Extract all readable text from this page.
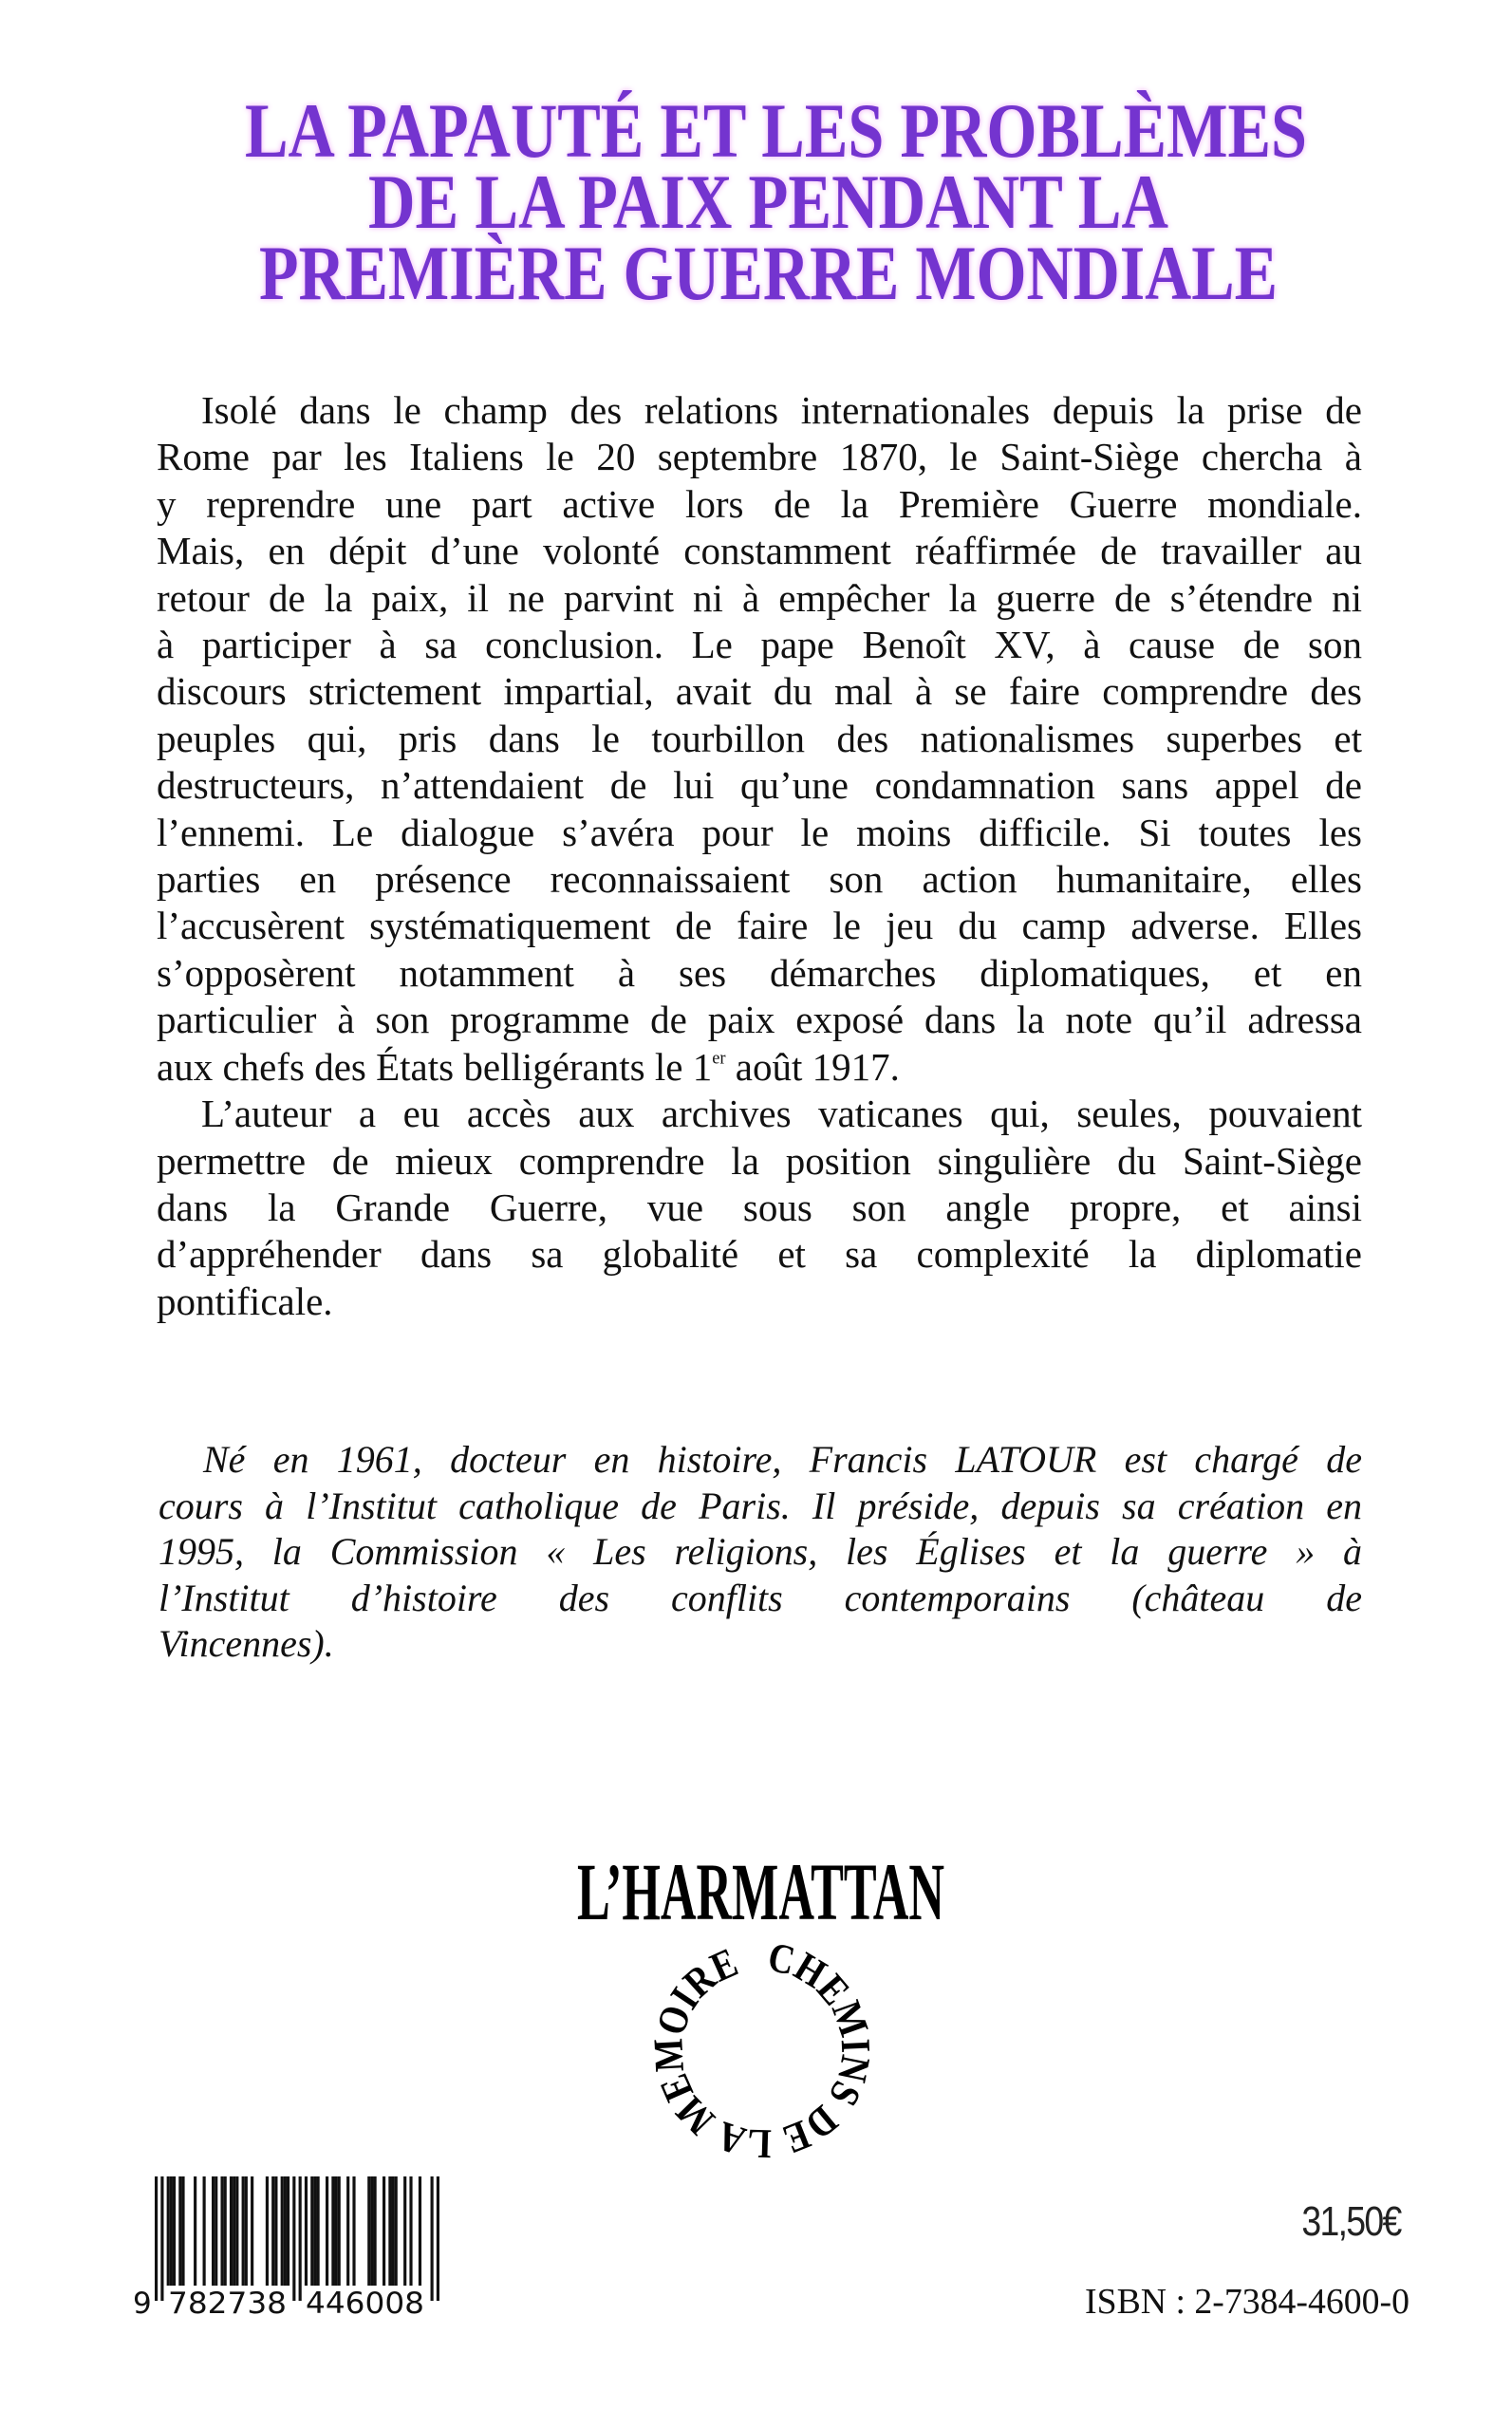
LA PAPAUTÉ ET LES PROBLÈMES
DE LA PAIX PENDANT LA
PREMIÈRE GUERRE MONDIALE
Isolé dans le champ des relations internationales depuis la prise de
Rome par les Italiens le 20 septembre 1870, le Saint-Siège chercha à
y reprendre une part active lors de la Première Guerre mondiale.
Mais, en dépit d’une volonté constamment réaffirmée de travailler au
retour de la paix, il ne parvint ni à empêcher la guerre de s’étendre ni
à participer à sa conclusion. Le pape Benoît XV, à cause de son
discours strictement impartial, avait du mal à se faire comprendre des
peuples qui, pris dans le tourbillon des nationalismes superbes et
destructeurs, n’attendaient de lui qu’une condamnation sans appel de
l’ennemi. Le dialogue s’avéra pour le moins difficile. Si toutes les
parties en présence reconnaissaient son action humanitaire, elles
l’accusèrent systématiquement de faire le jeu du camp adverse. Elles
s’opposèrent notamment à ses démarches diplomatiques, et en
particulier à son programme de paix exposé dans la note qu’il adressa
aux chefs des États belligérants le 1er août 1917.
L’auteur a eu accès aux archives vaticanes qui, seules, pouvaient
permettre de mieux comprendre la position singulière du Saint-Siège
dans la Grande Guerre, vue sous son angle propre, et ainsi
d’appréhender dans sa globalité et sa complexité la diplomatie
pontificale.
Né en 1961, docteur en histoire, Francis LATOUR est chargé de
cours à l’Institut catholique de Paris. Il préside, depuis sa création en
1995, la Commission « Les religions, les Églises et la guerre » à
l’Institut d’histoire des conflits contemporains (château de
Vincennes).
L’HARMATTAN
CHEMINS DE LA MEMOIRE
9 782738 446008	ISBN : 2-7384-4600-0
31,50€
